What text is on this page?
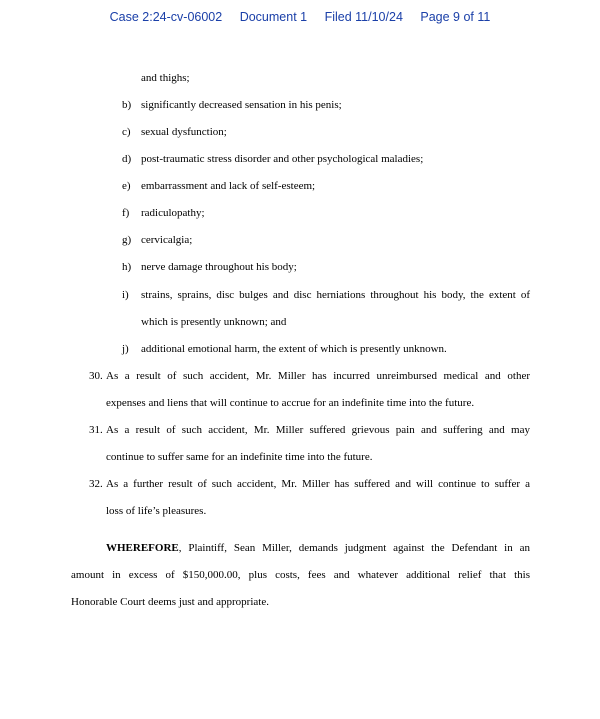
Case 2:24-cv-06002 Document 1 Filed 11/10/24 Page 9 of 11
and thighs;
b) significantly decreased sensation in his penis;
c) sexual dysfunction;
d) post-traumatic stress disorder and other psychological maladies;
e) embarrassment and lack of self-esteem;
f)	radiculopathy;
g) cervicalgia;
h) nerve damage throughout his body;
i)	strains, sprains, disc bulges and disc herniations throughout his body, the extent of
which is presently unknown; and
j)	additional emotional harm, the extent of which is presently unknown.
30. As a result of such accident, Mr. Miller has incurred unreimbursed medical and other
expenses and liens that will continue to accrue for an indefinite time into the future.
31. As a result of such accident, Mr. Miller suffered grievous pain and suffering and may
continue to suffer same for an indefinite time into the future.
32. As a further result of such accident, Mr. Miller has suffered and will continue to suffer a
loss of life’s pleasures.
WHEREFORE, Plaintiff, Sean Miller, demands judgment against the Defendant in an
amount in excess of $150,000.00, plus costs, fees and whatever additional relief that this
Honorable Court deems just and appropriate.
